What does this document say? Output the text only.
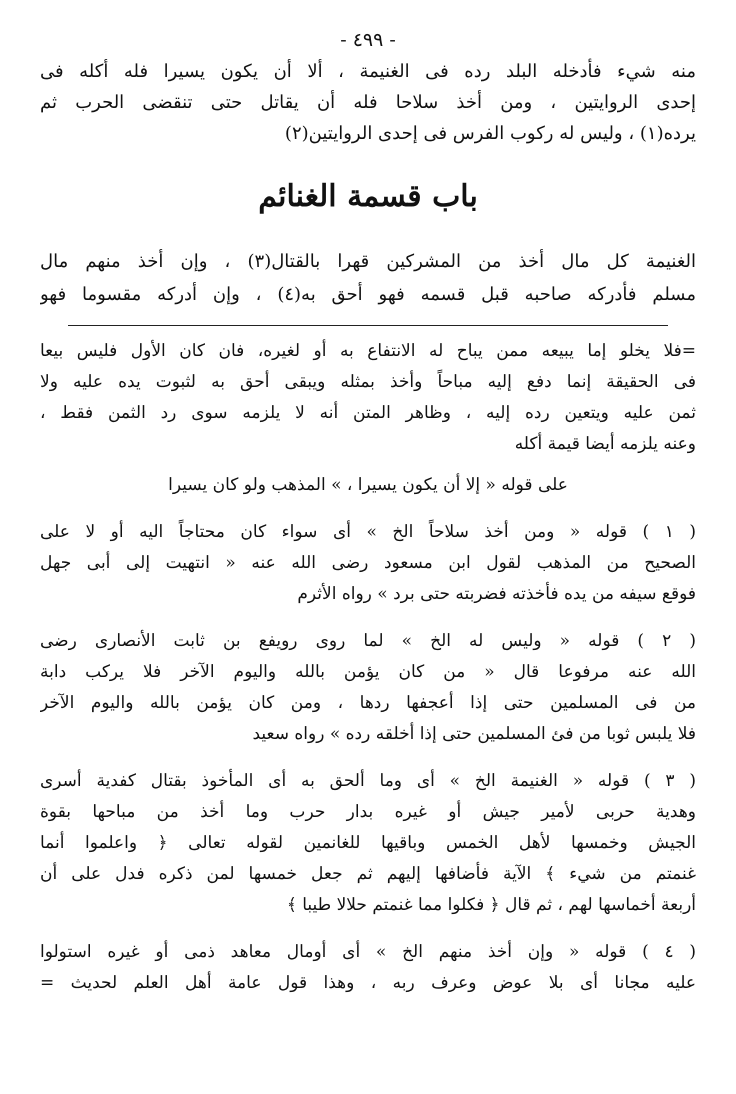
- ٤٩٩ -
منه شيء فأدخله البلد رده فى الغنيمة ، ألا أن يكون يسيرا فله أكله فى
إحدى الروايتين ، ومن أخذ سلاحا فله أن يقاتل حتى تنقضى الحرب ثم
يرده(١) ، وليس له ركوب الفرس فى إحدى الروايتين(٢)
باب قسمة الغنائم
الغنيمة كل مال أخذ من المشركين قهرا بالقتال(٣) ، وإن أخذ منهم مال
مسلم فأدركه صاحبه قبل قسمه فهو أحق به(٤) ، وإن أدركه مقسوما فهو
=فلا يخلو إما يبيعه ممن يباح له الانتفاع به أو لغيره، فان كان الأول فليس بيعا
فى الحقيقة إنما دفع إليه مباحاً وأخذ بمثله ويبقى أحق به لثبوت يده عليه ولا
ثمن عليه ويتعين رده إليه ، وظاهر المتن أنه لا يلزمه سوى رد الثمن فقط ،
وعنه يلزمه أيضا قيمة أكله
على قوله « إلا أن يكون يسيرا ، » المذهب ولو كان يسيرا
( ١ ) قوله « ومن أخذ سلاحاً الخ » أى سواء كان محتاجاً اليه أو لا على
الصحيح من المذهب لقول ابن مسعود رضى الله عنه « انتهيت إلى أبى جهل
فوقع سيفه من يده فأخذته فضربته حتى برد » رواه الأثرم
( ٢ ) قوله « وليس له الخ » لما روى رويفع بن ثابت الأنصارى رضى
الله عنه مرفوعا قال « من كان يؤمن بالله واليوم الآخر فلا يركب دابة
من فى المسلمين حتى إذا أعجفها ردها ، ومن كان يؤمن بالله واليوم الآخر
فلا يلبس ثوبا من فئ المسلمين حتى إذا أخلقه رده » رواه سعيد
( ٣ ) قوله « الغنيمة الخ » أى وما ألحق به أى المأخوذ بقتال كفدية أسرى
وهدية حربى لأمير جيش أو غيره بدار حرب وما أخذ من مباحها بقوة
الجيش وخمسها لأهل الخمس وباقيها للغانمين لقوله تعالى ﴿ واعلموا أنما
غنمتم من شيء ﴾ الآية فأضافها إليهم ثم جعل خمسها لمن ذكره فدل على أن
أربعة أخماسها لهم ، ثم قال ﴿ فكلوا مما غنمتم حلالا طيبا ﴾
( ٤ ) قوله « وإن أخذ منهم الخ » أى أومال معاهد ذمى أو غيره استولوا
عليه مجانا أى بلا عوض وعرف ربه ، وهذا قول عامة أهل العلم لحديث =
